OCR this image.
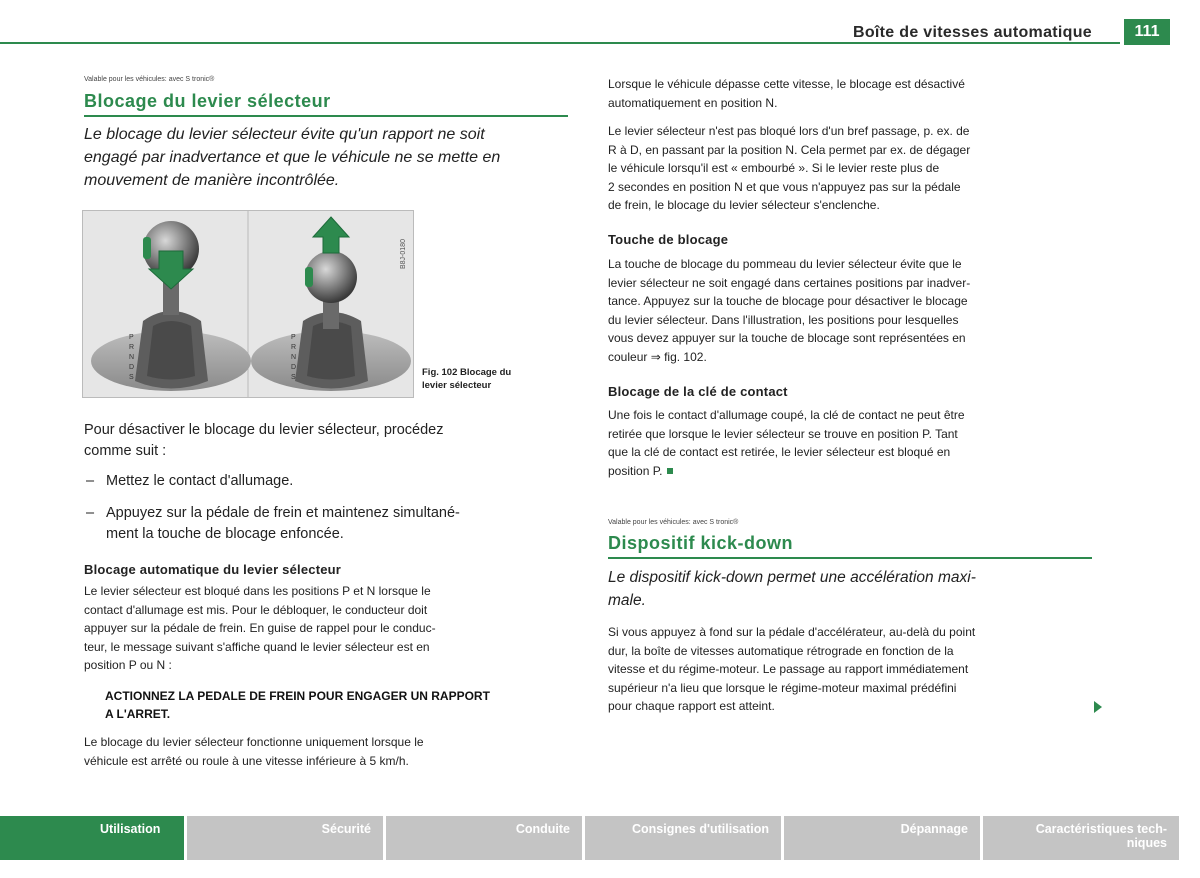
Boîte de vitesses automatique	111
Valable pour les véhicules: avec S tronic®
Blocage du levier sélecteur
Le blocage du levier sélecteur évite qu'un rapport ne soit
engagé par inadvertance et que le véhicule ne se mette en
mouvement de manière incontrôlée.
P
R
N
D
S
P
R
N
D
S
B8J-0180
Fig. 102 Blocage du
levier sélecteur
Pour désactiver le blocage du levier sélecteur, procédez
comme suit :
– Mettez le contact d'allumage.
– Appuyez sur la pédale de frein et maintenez simultané-
ment la touche de blocage enfoncée.
Blocage automatique du levier sélecteur
Le levier sélecteur est bloqué dans les positions P et N lorsque le
contact d'allumage est mis. Pour le débloquer, le conducteur doit
appuyer sur la pédale de frein. En guise de rappel pour le conduc-
teur, le message suivant s'affiche quand le levier sélecteur est en
position P ou N :
ACTIONNEZ LA PEDALE DE FREIN POUR ENGAGER UN RAPPORT
A L'ARRET.
Le blocage du levier sélecteur fonctionne uniquement lorsque le
véhicule est arrêté ou roule à une vitesse inférieure à 5 km/h.
Lorsque le véhicule dépasse cette vitesse, le blocage est désactivé
automatiquement en position N.
Le levier sélecteur n'est pas bloqué lors d'un bref passage, p. ex. de
R à D, en passant par la position N. Cela permet par ex. de dégager
le véhicule lorsqu'il est « embourbé ». Si le levier reste plus de
2 secondes en position N et que vous n'appuyez pas sur la pédale
de frein, le blocage du levier sélecteur s'enclenche.
Touche de blocage
La touche de blocage du pommeau du levier sélecteur évite que le
levier sélecteur ne soit engagé dans certaines positions par inadver-
tance. Appuyez sur la touche de blocage pour désactiver le blocage
du levier sélecteur. Dans l'illustration, les positions pour lesquelles
vous devez appuyer sur la touche de blocage sont représentées en
couleur ⇒ fig. 102.
Blocage de la clé de contact
Une fois le contact d'allumage coupé, la clé de contact ne peut être
retirée que lorsque le levier sélecteur se trouve en position P. Tant
que la clé de contact est retirée, le levier sélecteur est bloqué en
position P.
Valable pour les véhicules: avec S tronic®
Dispositif kick-down
Le dispositif kick-down permet une accélération maxi-
male.
Si vous appuyez à fond sur la pédale d'accélérateur, au-delà du point
dur, la boîte de vitesses automatique rétrograde en fonction de la
vitesse et du régime-moteur. Le passage au rapport immédiatement
supérieur n'a lieu que lorsque le régime-moteur maximal prédéfini
pour chaque rapport est atteint.
Utilisation	Sécurité	Conduite	Consignes d'utilisation	Dépannage	Caractéristiques tech-
niques
